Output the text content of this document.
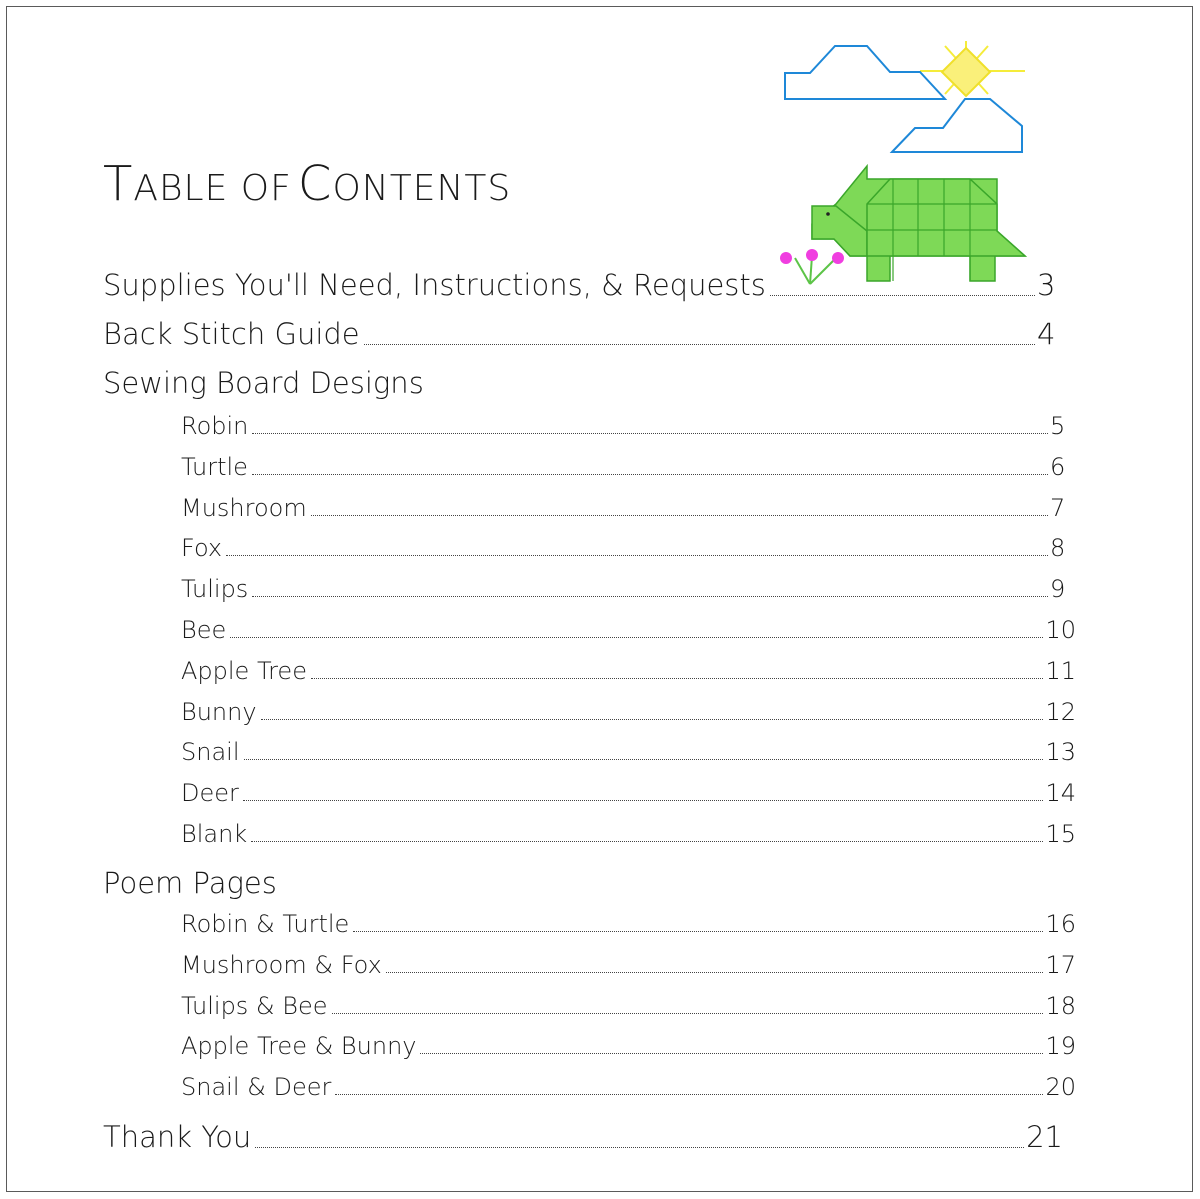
TABLE OF CONTENTS
Supplies You'll Need, Instructions, & Requests	3
Back Stitch Guide	4
Sewing Board Designs
Robin	5
Turtle	6
Mushroom	7
Fox	8
Tulips	9
Bee	10
Apple Tree	11
Bunny	12
Snail	13
Deer	14
Blank	15
Poem Pages
Robin & Turtle	16
Mushroom & Fox	17
Tulips & Bee	18
Apple Tree & Bunny	19
Snail & Deer	20
Thank You	21
